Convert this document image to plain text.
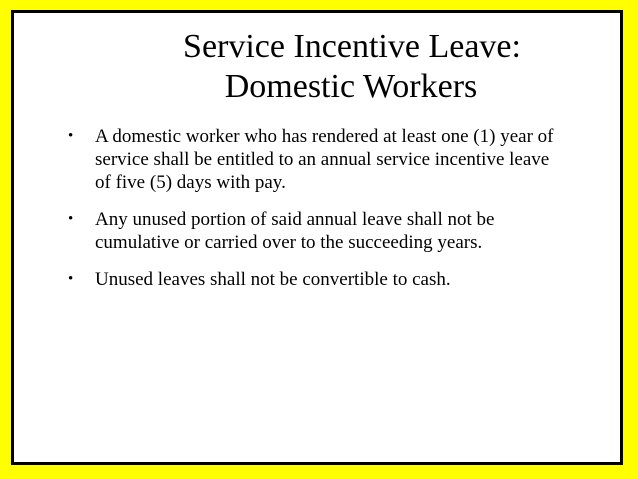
Service Incentive Leave:
Domestic Workers
• A domestic worker who has rendered at least one (1) year of service shall be entitled to an annual service incentive leave of five (5) days with pay.
• Any unused portion of said annual leave shall not be cumulative or carried over to the succeeding years.
• Unused leaves shall not be convertible to cash.
